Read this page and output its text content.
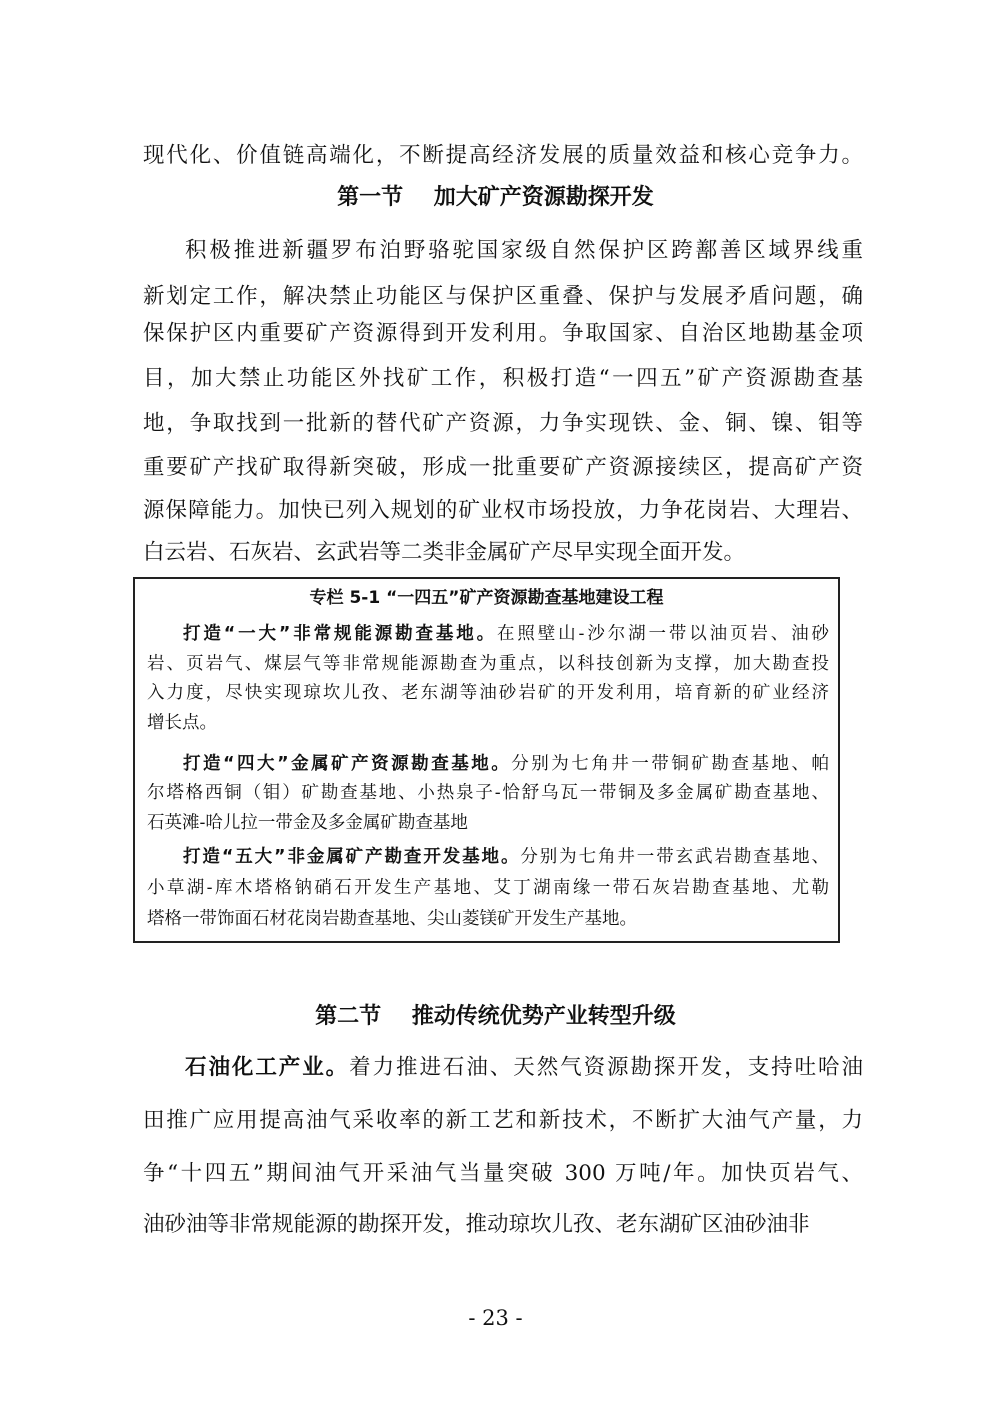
现代化、价值链高端化，不断提高经济发展的质量效益和核心竞争力。
第一节    加大矿产资源勘探开发
积极推进新疆罗布泊野骆驼国家级自然保护区跨鄯善区域界线重
新划定工作，解决禁止功能区与保护区重叠、保护与发展矛盾问题，确
保保护区内重要矿产资源得到开发利用。争取国家、自治区地勘基金项
目，加大禁止功能区外找矿工作，积极打造“一四五”矿产资源勘查基
地，争取找到一批新的替代矿产资源，力争实现铁、金、铜、镍、钼等
重要矿产找矿取得新突破，形成一批重要矿产资源接续区，提高矿产资
源保障能力。加快已列入规划的矿业权市场投放，力争花岗岩、大理岩、
白云岩、石灰岩、玄武岩等二类非金属矿产尽早实现全面开发。
专栏 5-1 “一四五”矿产资源勘查基地建设工程
打造“一大”非常规能源勘查基地。在照壁山-沙尔湖一带以油页岩、油砂
岩、页岩气、煤层气等非常规能源勘查为重点，以科技创新为支撑，加大勘查投
入力度，尽快实现琼坎儿孜、老东湖等油砂岩矿的开发利用，培育新的矿业经济
增长点。
打造“四大”金属矿产资源勘查基地。分别为七角井一带铜矿勘查基地、帕
尔塔格西铜（钼）矿勘查基地、小热泉子-恰舒乌瓦一带铜及多金属矿勘查基地、
石英滩-哈儿拉一带金及多金属矿勘查基地
打造“五大”非金属矿产勘查开发基地。分别为七角井一带玄武岩勘查基地、
小草湖-库木塔格钠硝石开发生产基地、艾丁湖南缘一带石灰岩勘查基地、尤勒
塔格一带饰面石材花岗岩勘查基地、尖山菱镁矿开发生产基地。
第二节    推动传统优势产业转型升级
石油化工产业。着力推进石油、天然气资源勘探开发，支持吐哈油
田推广应用提高油气采收率的新工艺和新技术，不断扩大油气产量，力
争“十四五”期间油气开采油气当量突破 300 万吨/年。加快页岩气、
油砂油等非常规能源的勘探开发，推动琼坎儿孜、老东湖矿区油砂油非
- 23 -
